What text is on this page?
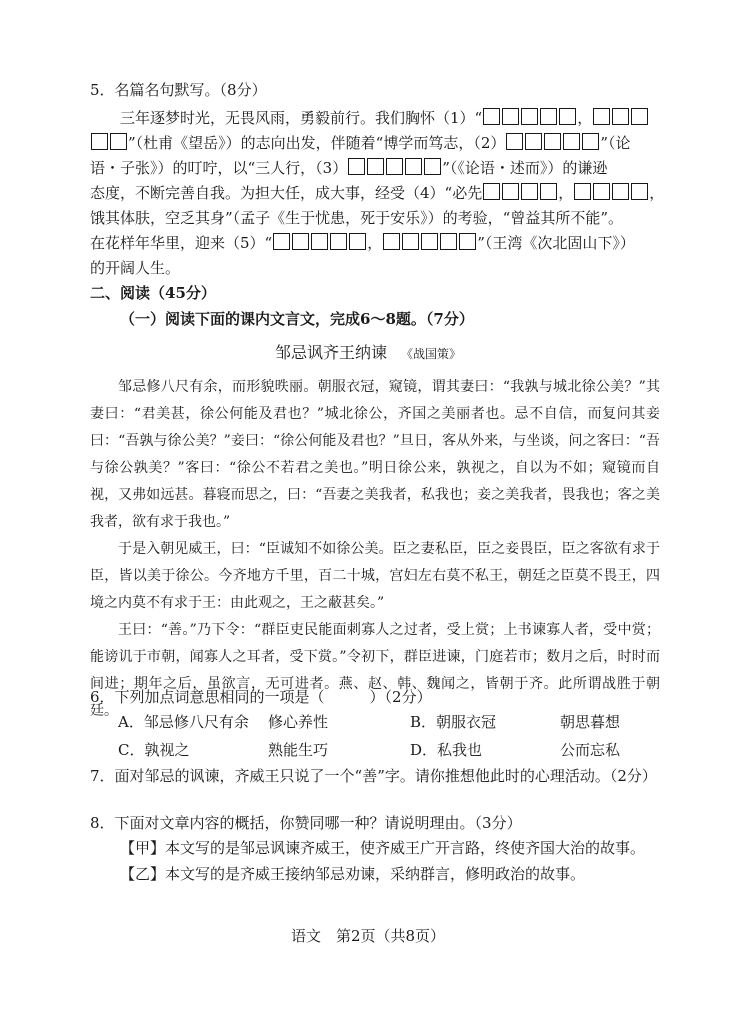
5．名篇名句默写。（8分）
三年逐梦时光，无畏风雨，勇毅前行。我们胸怀（1）“	，
”（杜甫《望岳》）的志向出发，伴随着“博学而笃志，（2）	”（论
语・子张》）的叮咛，以“三人行，（3）	”（《论语・述而》）的谦逊
态度，不断完善自我。为担大任，成大事，经受（4）“必先	，	，
饿其体肤，空乏其身”（孟子《生于忧患，死于安乐》）的考验，“曾益其所不能”。
在花样年华里，迎来（5）“	，	”（王湾《次北固山下》）
的开阔人生。
二、阅读（45分）
（一）阅读下面的课内文言文，完成6～8题。（7分）
邹忌讽齐王纳谏 《战国策》

邹忌修八尺有余，而形貌昳丽。朝服衣冠，窥镜，谓其妻曰：“我孰与城北徐公美？”其妻曰：“君美甚，徐公何能及君也？”城北徐公，齐国之美丽者也。忌不自信，而复问其妾曰：“吾孰与徐公美？”妾曰：“徐公何能及君也？”旦日，客从外来，与坐谈，问之客曰：“吾与徐公孰美？”客曰：“徐公不若君之美也。”明日徐公来，孰视之，自以为不如；窥镜而自视，又弗如远甚。暮寝而思之，曰：“吾妻之美我者，私我也；妾之美我者，畏我也；客之美我者，欲有求于我也。”

于是入朝见威王，曰：“臣诚知不如徐公美。臣之妻私臣，臣之妾畏臣，臣之客欲有求于臣，皆以美于徐公。今齐地方千里，百二十城，宫妇左右莫不私王，朝廷之臣莫不畏王，四境之内莫不有求于王：由此观之，王之蔽甚矣。”

王曰：“善。”乃下令：“群臣吏民能面刺寡人之过者，受上赏；上书谏寡人者，受中赏；能谤讥于市朝，闻寡人之耳者，受下赏。”令初下，群臣进谏，门庭若市；数月之后，时时而间进；期年之后，虽欲言，无可进者。燕、赵、韩、魏闻之，皆朝于齐。此所谓战胜于朝廷。

6．下列加点词意思相同的一项是（　　　）（2分）
A．邹忌修八尺有余 修心养性	B．朝服衣冠	朝思暮想
C．孰视之	熟能生巧	D．私我也	公而忘私
7．面对邹忌的讽谏，齐威王只说了一个“善”字。请你推想他此时的心理活动。（2分）
8．下面对文章内容的概括，你赞同哪一种？请说明理由。（3分）
【甲】本文写的是邹忌讽谏齐威王，使齐威王广开言路，终使齐国大治的故事。
【乙】本文写的是齐威王接纳邹忌劝谏，采纳群言，修明政治的故事。
语文　第2页（共8页）
